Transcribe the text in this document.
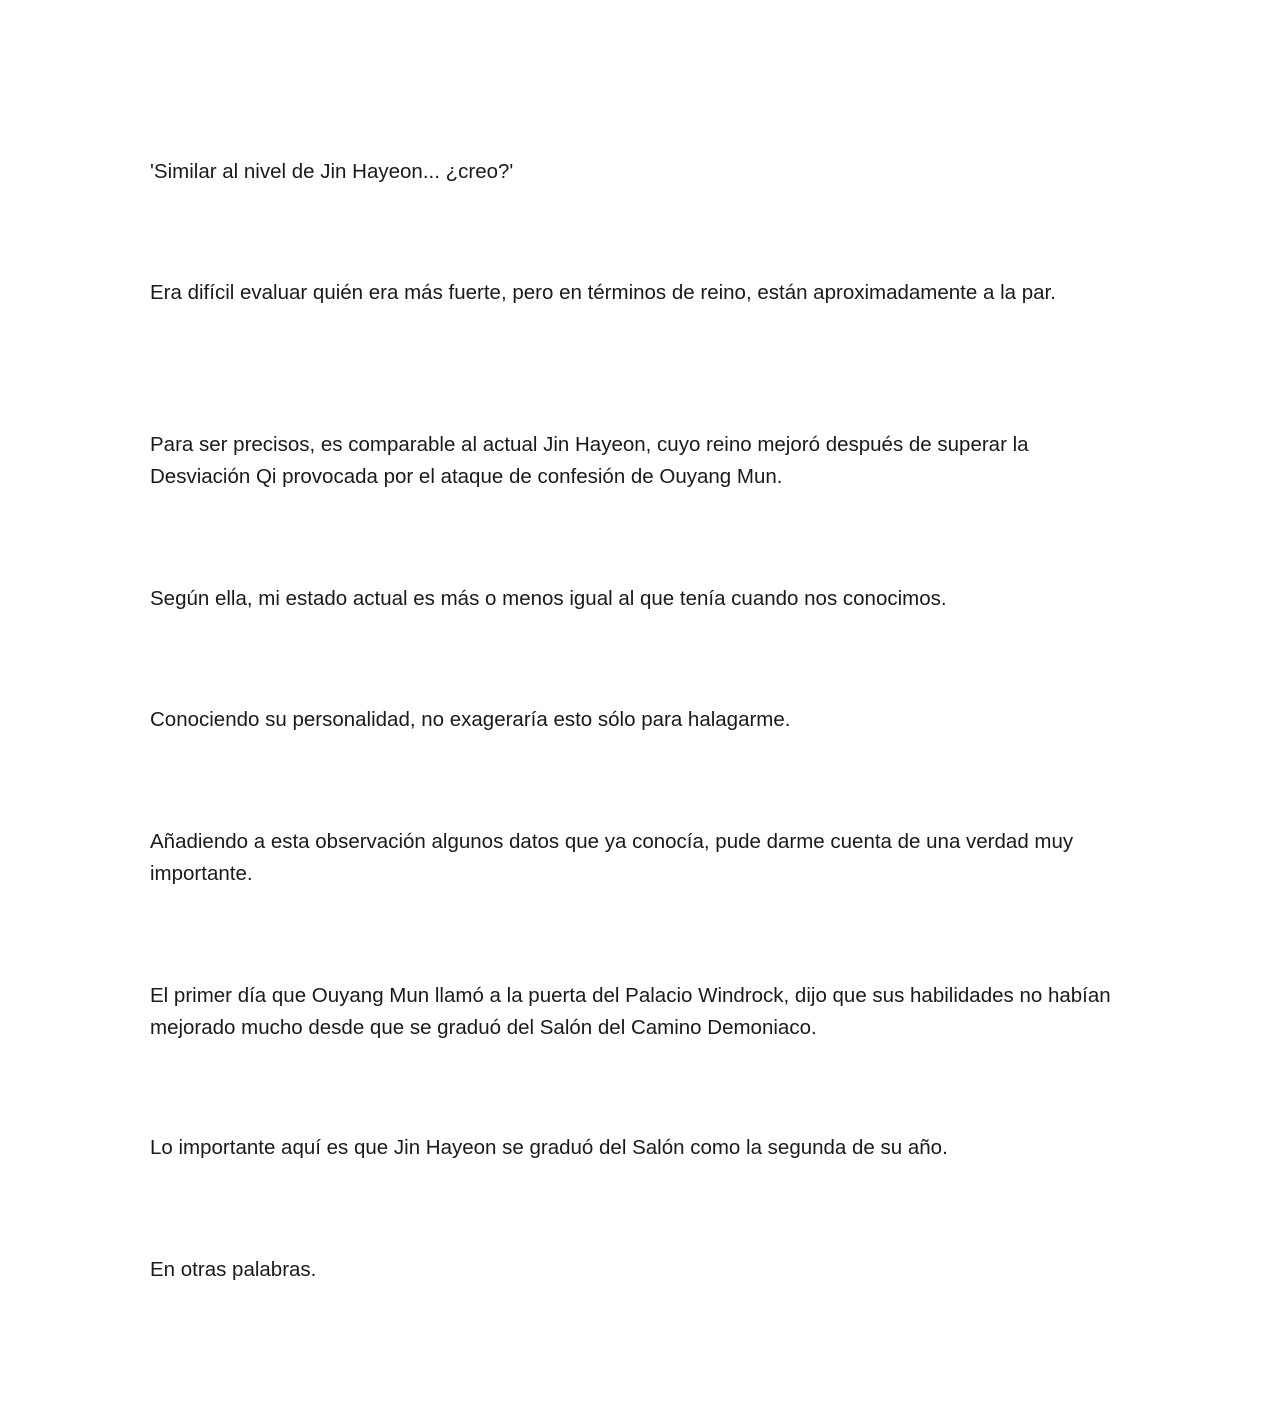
'Similar al nivel de Jin Hayeon... ¿creo?'

Era difícil evaluar quién era más fuerte, pero en términos de reino, están aproximadamente a la par.

Para ser precisos, es comparable al actual Jin Hayeon, cuyo reino mejoró después de superar la Desviación Qi provocada por el ataque de confesión de Ouyang Mun.

Según ella, mi estado actual es más o menos igual al que tenía cuando nos conocimos.

Conociendo su personalidad, no exageraría esto sólo para halagarme.

Añadiendo a esta observación algunos datos que ya conocía, pude darme cuenta de una verdad muy importante.

El primer día que Ouyang Mun llamó a la puerta del Palacio Windrock, dijo que sus habilidades no habían mejorado mucho desde que se graduó del Salón del Camino Demoniaco.

Lo importante aquí es que Jin Hayeon se graduó del Salón como la segunda de su año.

En otras palabras.
